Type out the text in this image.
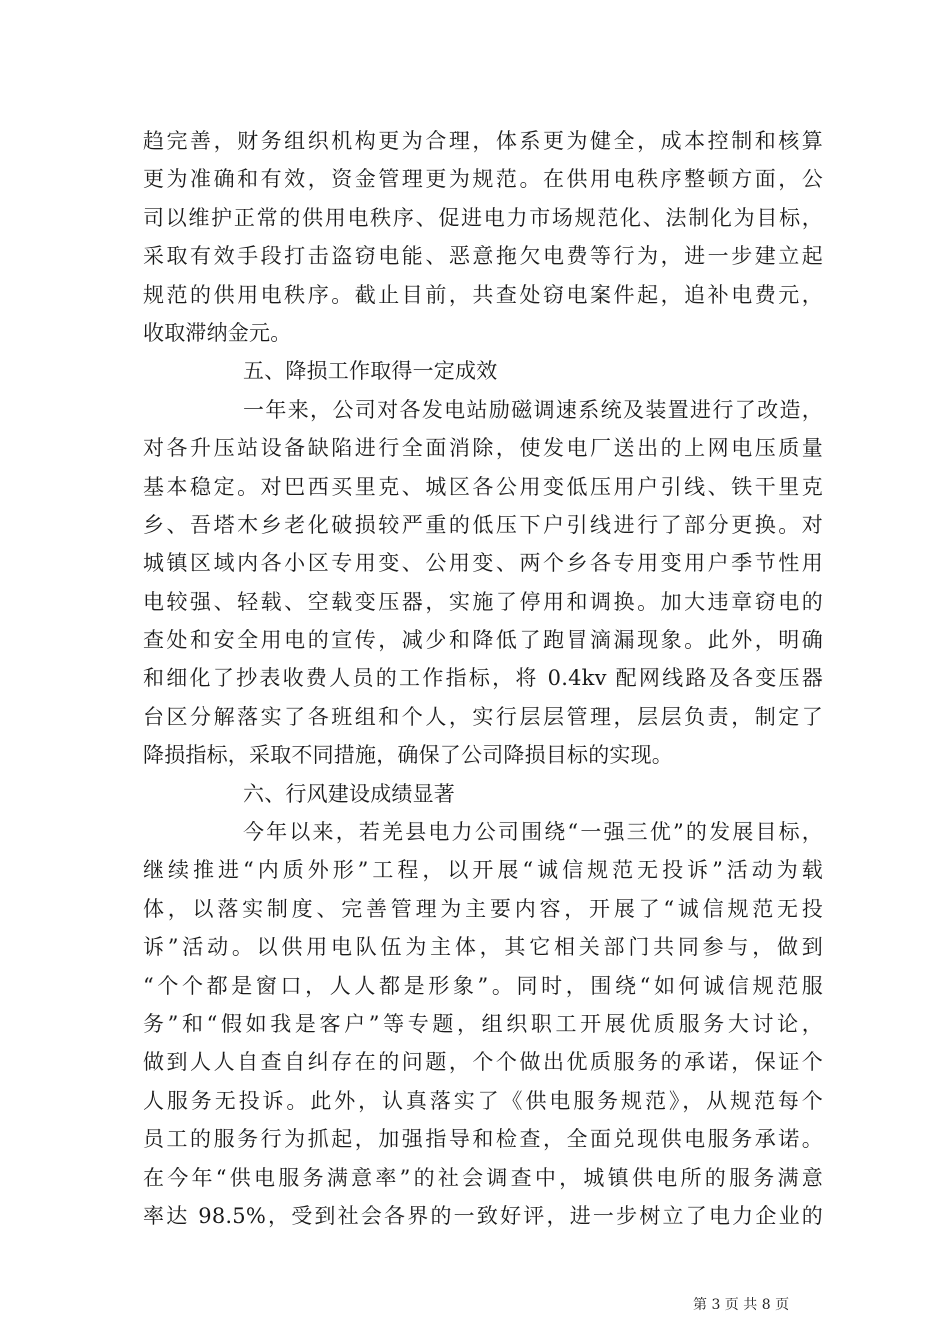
趋完善，财务组织机构更为合理，体系更为健全，成本控制和核算
更为准确和有效，资金管理更为规范。在供用电秩序整顿方面，公
司以维护正常的供用电秩序、促进电力市场规范化、法制化为目标，
采取有效手段打击盗窃电能、恶意拖欠电费等行为，进一步建立起
规范的供用电秩序。截止目前，共查处窃电案件起，追补电费元，
收取滞纳金元。
五、降损工作取得一定成效
一年来，公司对各发电站励磁调速系统及装置进行了改造，
对各升压站设备缺陷进行全面消除，使发电厂送出的上网电压质量
基本稳定。对巴西买里克、城区各公用变低压用户引线、铁干里克
乡、吾塔木乡老化破损较严重的低压下户引线进行了部分更换。对
城镇区域内各小区专用变、公用变、两个乡各专用变用户季节性用
电较强、轻载、空载变压器，实施了停用和调换。加大违章窃电的
查处和安全用电的宣传，减少和降低了跑冒滴漏现象。此外，明确
和细化了抄表收费人员的工作指标，将 0.4kv 配网线路及各变压器
台区分解落实了各班组和个人，实行层层管理，层层负责，制定了
降损指标，采取不同措施，确保了公司降损目标的实现。
六、行风建设成绩显著
今年以来，若羌县电力公司围绕“一强三优”的发展目标，
继续推进“内质外形”工程，以开展“诚信规范无投诉”活动为载
体，以落实制度、完善管理为主要内容，开展了“诚信规范无投
诉”活动。以供用电队伍为主体，其它相关部门共同参与，做到
“个个都是窗口，人人都是形象”。同时，围绕“如何诚信规范服
务”和“假如我是客户”等专题，组织职工开展优质服务大讨论，
做到人人自查自纠存在的问题，个个做出优质服务的承诺，保证个
人服务无投诉。此外，认真落实了《供电服务规范》，从规范每个
员工的服务行为抓起，加强指导和检查，全面兑现供电服务承诺。
在今年“供电服务满意率”的社会调查中，城镇供电所的服务满意
率达 98.5%，受到社会各界的一致好评，进一步树立了电力企业的
第 3 页 共 8 页
